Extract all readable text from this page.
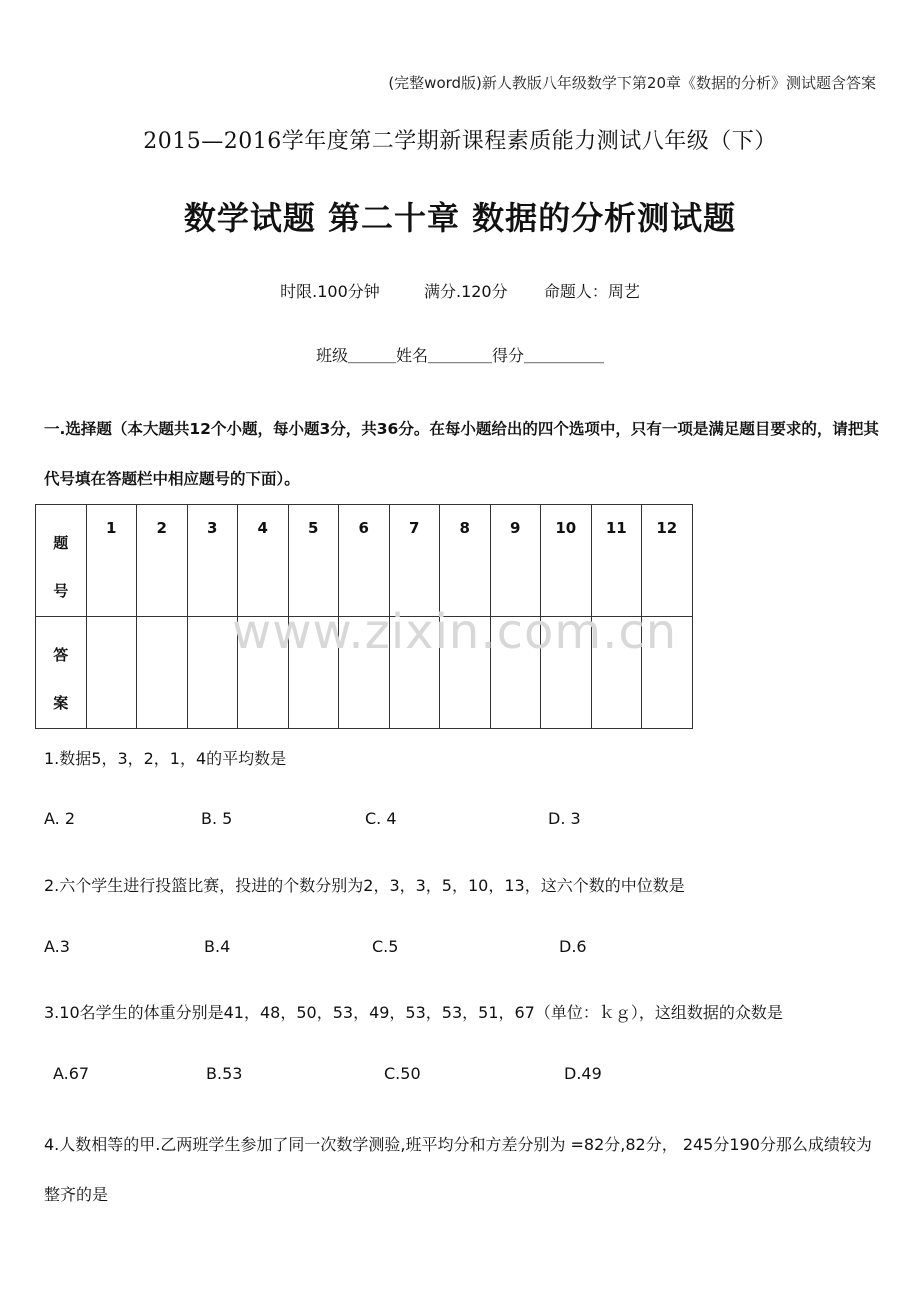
(完整word版)新人教版八年级数学下第20章《数据的分析》测试题含答案
2015—2016学年度第二学期新课程素质能力测试八年级（下）
数学试题 第二十章 数据的分析测试题
时限.100分钟	满分.120分 命题人：周艺
班级＿＿＿姓名＿＿＿＿得分＿＿＿＿＿
一.选择题（本大题共12个小题，每小题3分，共36分。在每小题给出的四个选项中，只有一项是满足题目要求的，请把其代号填在答题栏中相应题号的下面）。
题
号	1	2	3	4	5	6	7	8	9	10	11	12

答
案												

www.zixin.com.cn
1.数据5，3，2，1，4的平均数是
A. 2	B. 5	C. 4	D. 3
2.六个学生进行投篮比赛，投进的个数分别为2，3，3，5，10，13，这六个数的中位数是
A.3	B.4	C.5	D.6
3.10名学生的体重分别是41，48，50，53，49，53，53，51，67（单位：ｋｇ），这组数据的众数是
A.67	B.53	C.50	D.49
4.人数相等的甲.乙两班学生参加了同一次数学测验,班平均分和方差分别为 =82分,82分， 245分190分那么成绩较为整齐的是
